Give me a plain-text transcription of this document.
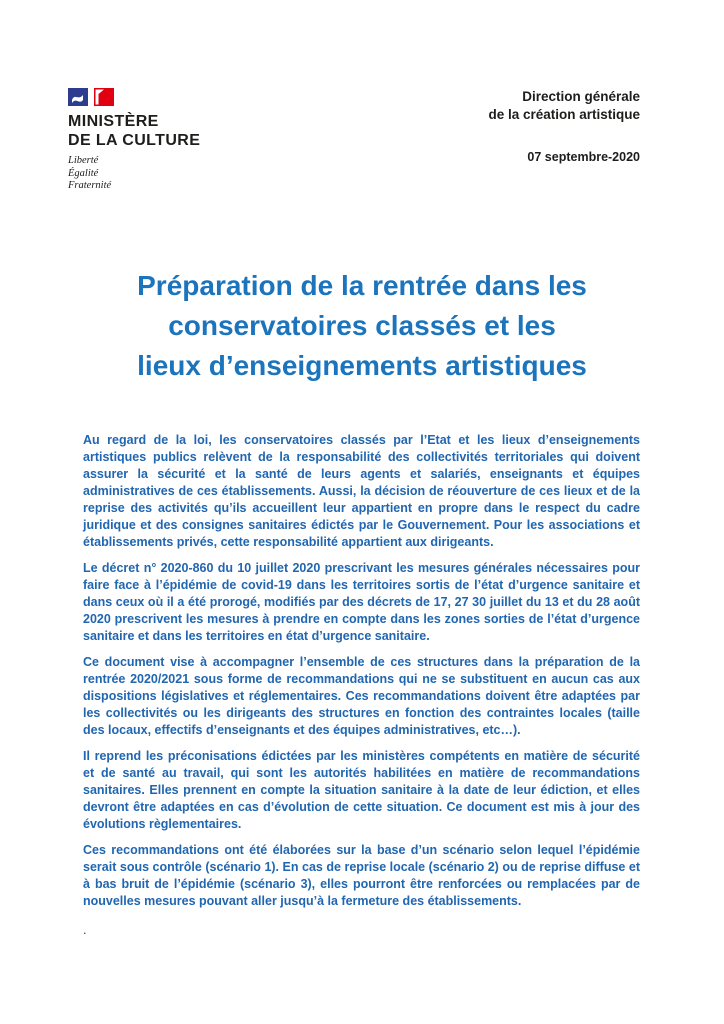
MINISTÈRE
DE LA CULTURE
Liberté
Égalité
Fraternité
Direction générale
de la création artistique
07 septembre-2020
Préparation de la rentrée dans les
conservatoires classés et les
lieux d’enseignements artistiques

Au regard de la loi, les conservatoires classés par l’Etat et les lieux d’enseignements artistiques publics relèvent de la responsabilité des collectivités territoriales qui doivent assurer la sécurité et la santé de leurs agents et salariés, enseignants et équipes administratives de ces établissements. Aussi, la décision de réouverture de ces lieux et de la reprise des activités qu’ils accueillent leur appartient en propre dans le respect du cadre juridique et des consignes sanitaires édictés par le Gouvernement. Pour les associations et établissements privés, cette responsabilité appartient aux dirigeants.

Le décret n° 2020-860 du 10 juillet 2020 prescrivant les mesures générales nécessaires pour faire face à l’épidémie de covid-19 dans les territoires sortis de l’état d’urgence sanitaire et dans ceux où il a été prorogé, modifiés par des décrets de 17, 27 30 juillet du 13 et du 28 août 2020 prescrivent les mesures à prendre en compte dans les zones sorties de l’état d’urgence sanitaire et dans les territoires en état d’urgence sanitaire.

Ce document vise à accompagner l’ensemble de ces structures dans la préparation de la rentrée 2020/2021 sous forme de recommandations qui ne se substituent en aucun cas aux dispositions législatives et réglementaires. Ces recommandations doivent être adaptées par les collectivités ou les dirigeants des structures en fonction des contraintes locales (taille des locaux, effectifs d’enseignants et des équipes administratives, etc…).

Il reprend les préconisations édictées par les ministères compétents en matière de sécurité et de santé au travail, qui sont les autorités habilitées en matière de recommandations sanitaires. Elles prennent en compte la situation sanitaire à la date de leur édiction, et elles devront être adaptées en cas d’évolution de cette situation. Ce document est mis à jour des évolutions règlementaires.

Ces recommandations ont été élaborées sur la base d’un scénario selon lequel l’épidémie serait sous contrôle (scénario 1). En cas de reprise locale (scénario 2) ou de reprise diffuse et à bas bruit de l’épidémie (scénario 3), elles pourront être renforcées ou remplacées par de nouvelles mesures pouvant aller jusqu’à la fermeture des établissements.

.
